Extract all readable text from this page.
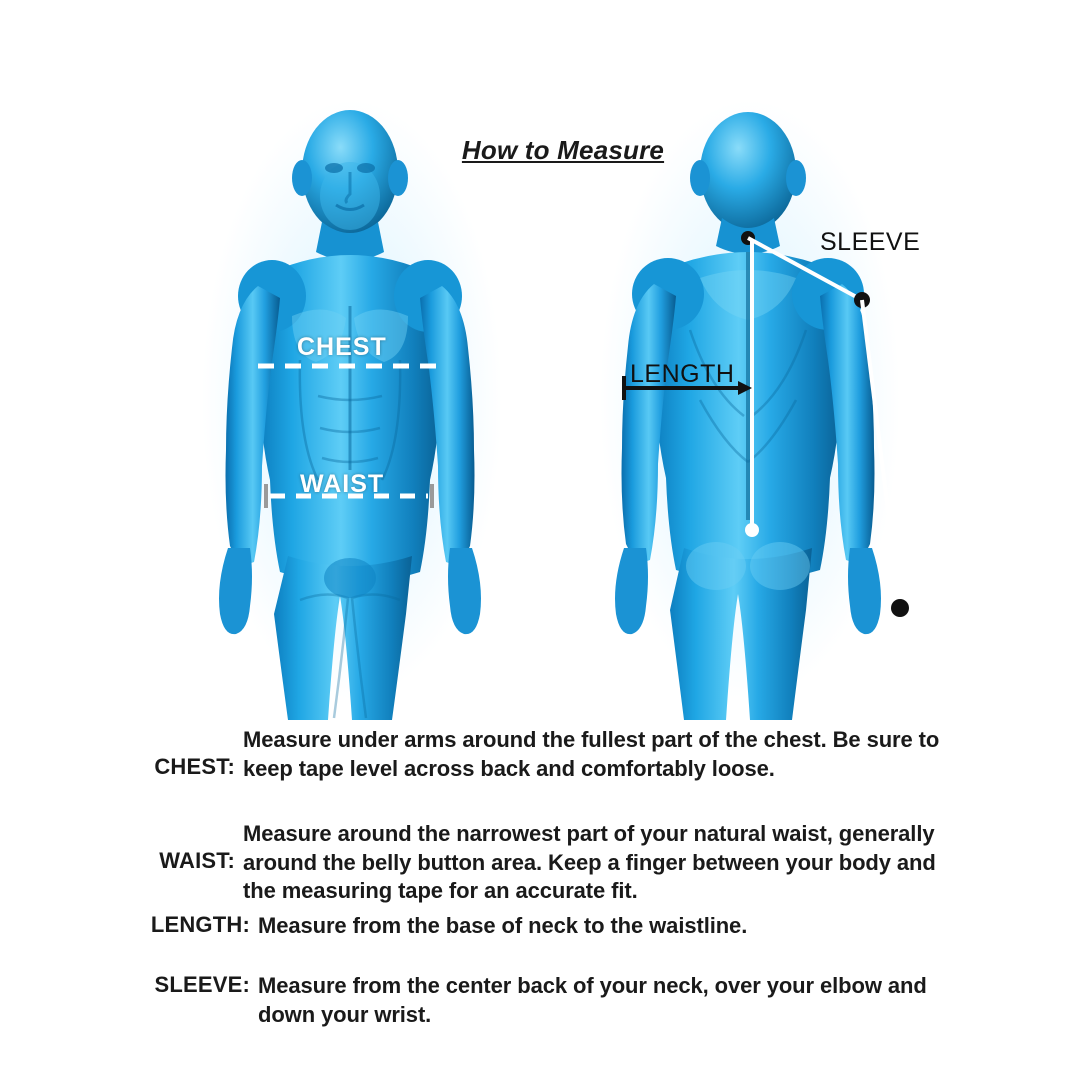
How to Measure
CHEST
WAIST
SLEEVE
LENGTH
CHEST:
Measure under arms around the fullest part of the chest. Be sure to keep tape level across back and comfortably loose.
WAIST:
Measure around the narrowest part of your natural waist, generally around the belly button area. Keep a finger between your body and the measuring tape for an accurate fit.
LENGTH: Measure from the base of neck to the waistline.
SLEEVE: Measure from the center back of your neck, over your elbow and down your wrist.
